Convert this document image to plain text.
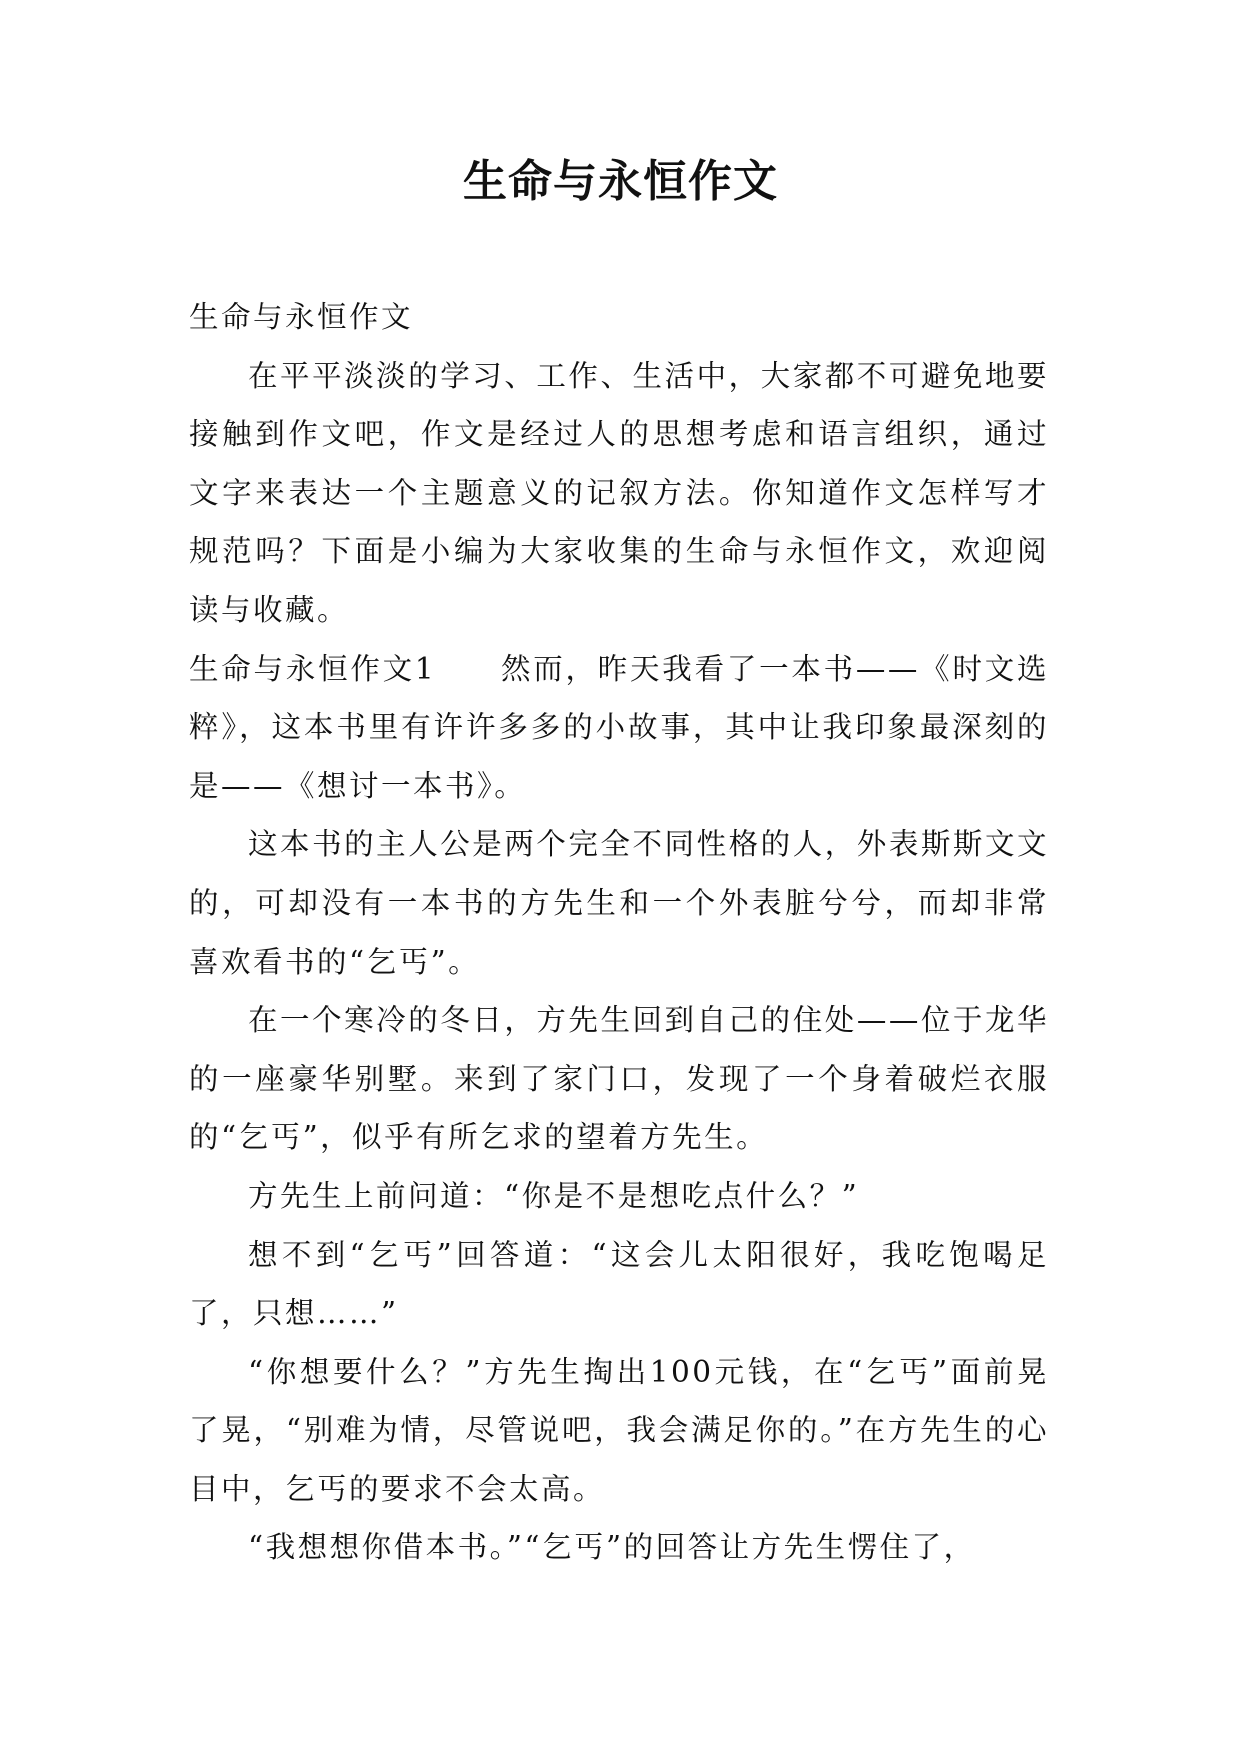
生命与永恒作文

生命与永恒作文

在平平淡淡的学习、工作、生活中，大家都不可避免地要接触到作文吧，作文是经过人的思想考虑和语言组织，通过文字来表达一个主题意义的记叙方法。你知道作文怎样写才规范吗？下面是小编为大家收集的生命与永恒作文，欢迎阅读与收藏。

生命与永恒作文1　　然而，昨天我看了一本书——《时文选粹》，这本书里有许许多多的小故事，其中让我印象最深刻的是——《想讨一本书》。

这本书的主人公是两个完全不同性格的人，外表斯斯文文的，可却没有一本书的方先生和一个外表脏兮兮，而却非常喜欢看书的“乞丐”。

在一个寒冷的冬日，方先生回到自己的住处——位于龙华的一座豪华别墅。来到了家门口，发现了一个身着破烂衣服的“乞丐”，似乎有所乞求的望着方先生。

方先生上前问道：“你是不是想吃点什么？”

想不到“乞丐”回答道：“这会儿太阳很好，我吃饱喝足了，只想……”

“你想要什么？”方先生掏出100元钱，在“乞丐”面前晃了晃，“别难为情，尽管说吧，我会满足你的。”在方先生的心目中，乞丐的要求不会太高。

“我想想你借本书。”“乞丐”的回答让方先生愣住了，
